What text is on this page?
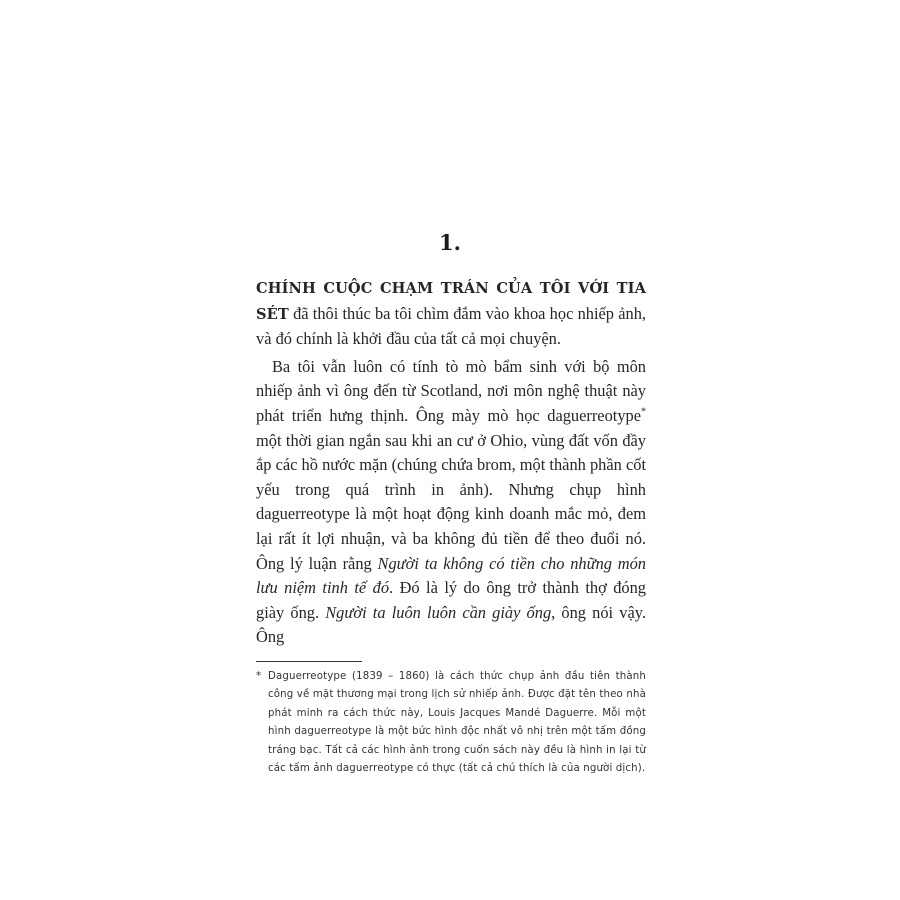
1.

CHÍNH CUỘC CHẠM TRÁN CỦA TÔI VỚI TIA SÉT đã thôi thúc ba tôi chìm đắm vào khoa học nhiếp ảnh, và đó chính là khởi đầu của tất cả mọi chuyện.

Ba tôi vẫn luôn có tính tò mò bẩm sinh với bộ môn nhiếp ảnh vì ông đến từ Scotland, nơi môn nghệ thuật này phát triển hưng thịnh. Ông mày mò học daguerreotype* một thời gian ngắn sau khi an cư ở Ohio, vùng đất vốn đầy ắp các hồ nước mặn (chúng chứa brom, một thành phần cốt yếu trong quá trình in ảnh). Nhưng chụp hình daguerreotype là một hoạt động kinh doanh mắc mỏ, đem lại rất ít lợi nhuận, và ba không đủ tiền để theo đuổi nó. Ông lý luận rằng Người ta không có tiền cho những món lưu niệm tinh tế đó. Đó là lý do ông trở thành thợ đóng giày ống. Người ta luôn luôn cần giày ống, ông nói vậy. Ông

* Daguerreotype (1839 – 1860) là cách thức chụp ảnh đầu tiên thành công về mặt thương mại trong lịch sử nhiếp ảnh. Được đặt tên theo nhà phát minh ra cách thức này, Louis Jacques Mandé Daguerre. Mỗi một hình daguerreotype là một bức hình độc nhất vô nhị trên một tấm đồng tráng bạc. Tất cả các hình ảnh trong cuốn sách này đều là hình in lại từ các tấm ảnh daguerreotype có thực (tất cả chú thích là của người dịch).
